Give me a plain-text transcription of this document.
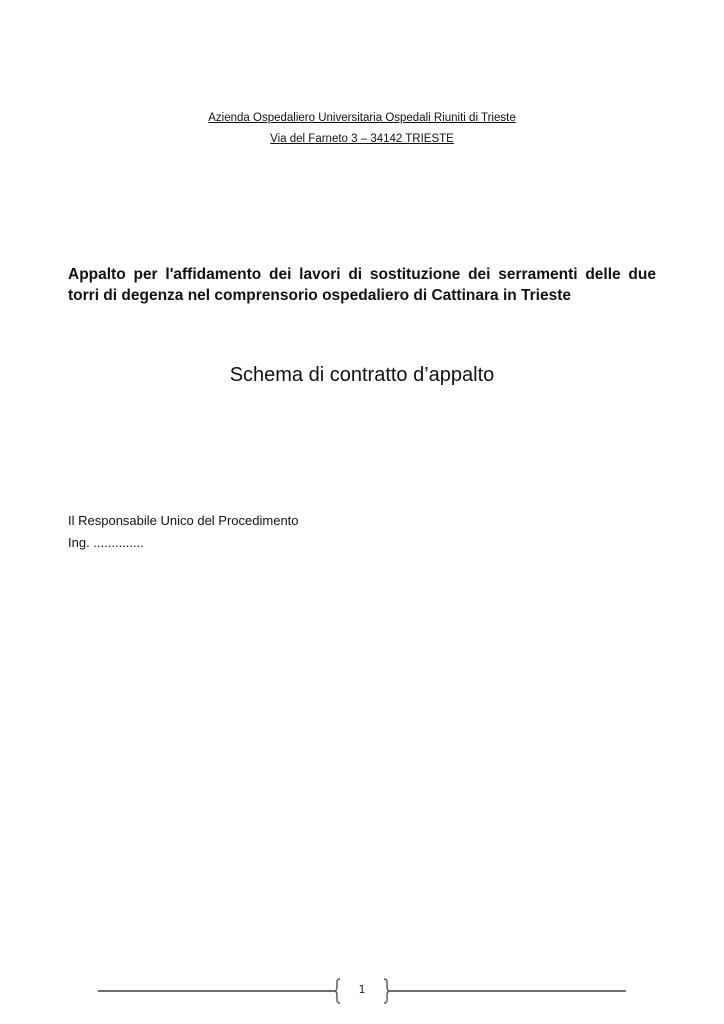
Azienda Ospedaliero Universitaria Ospedali Riuniti di Trieste
Via del Farneto 3 – 34142 TRIESTE
Appalto per l'affidamento dei lavori di sostituzione dei serramenti delle due torri di degenza nel comprensorio ospedaliero di Cattinara in Trieste
Schema di contratto d’appalto
Il Responsabile Unico del Procedimento
Ing. ..............
1
